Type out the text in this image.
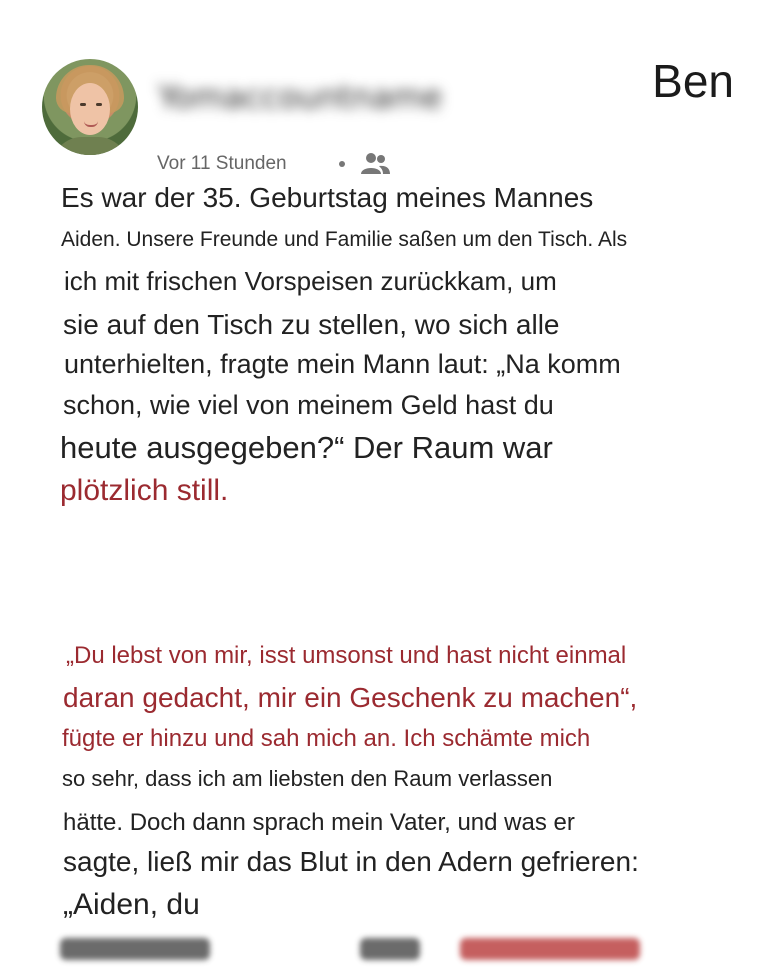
Yomaccountname	Ben

Vor 11 Stunden

Es war der 35. Geburtstag meines Mannes

Aiden. Unsere Freunde und Familie saßen um den Tisch. Als

ich mit frischen Vorspeisen zurückkam, um

sie auf den Tisch zu stellen, wo sich alle

unterhielten, fragte mein Mann laut: „Na komm

schon, wie viel von meinem Geld hast du

heute ausgegeben?“ Der Raum war

plötzlich still.

„Du lebst von mir, isst umsonst und hast nicht einmal

daran gedacht, mir ein Geschenk zu machen“,

fügte er hinzu und sah mich an. Ich schämte mich

so sehr, dass ich am liebsten den Raum verlassen

hätte. Doch dann sprach mein Vater, und was er

sagte, ließ mir das Blut in den Adern gefrieren:

„Aiden, du
